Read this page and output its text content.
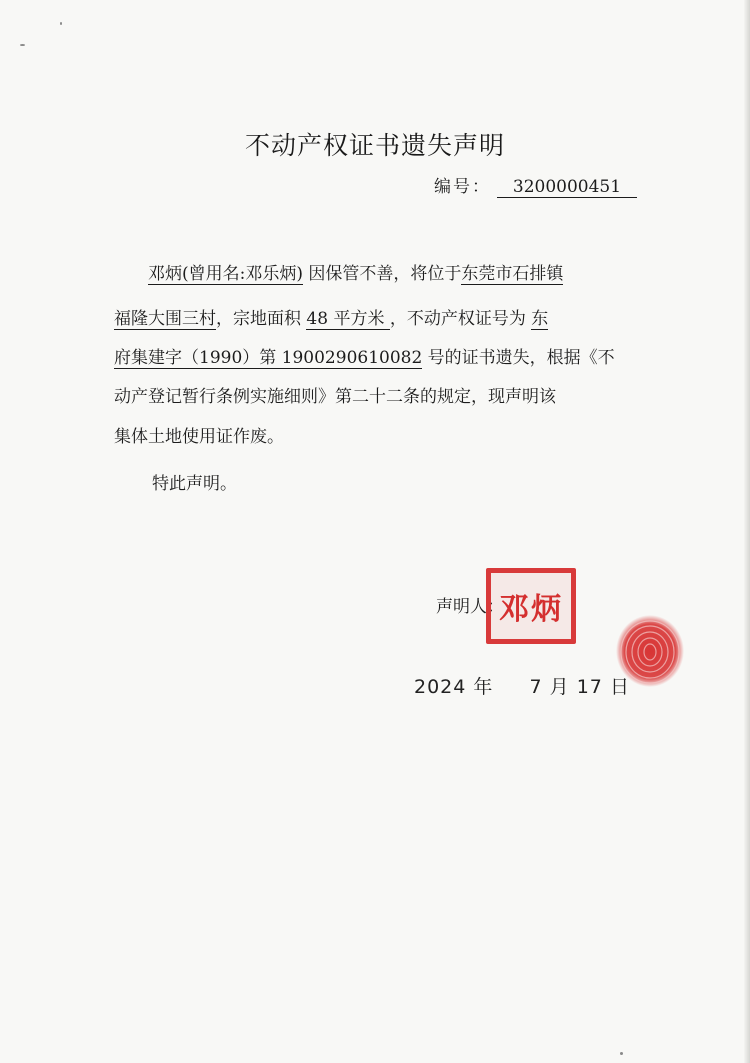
不动产权证书遗失声明
编号：	3200000451
邓炳(曾用名:邓乐炳) 因保管不善，将位于东莞市石排镇
福隆大围三村，宗地面积 48 平方米 ，不动产权证号为 东
府集建字（1990）第 1900290610082 号的证书遗失，根据《不
动产登记暂行条例实施细则》第二十二条的规定，现声明该
集体土地使用证作废。
特此声明。
声明人：
邓炳
2024 年 7 月 17 日
